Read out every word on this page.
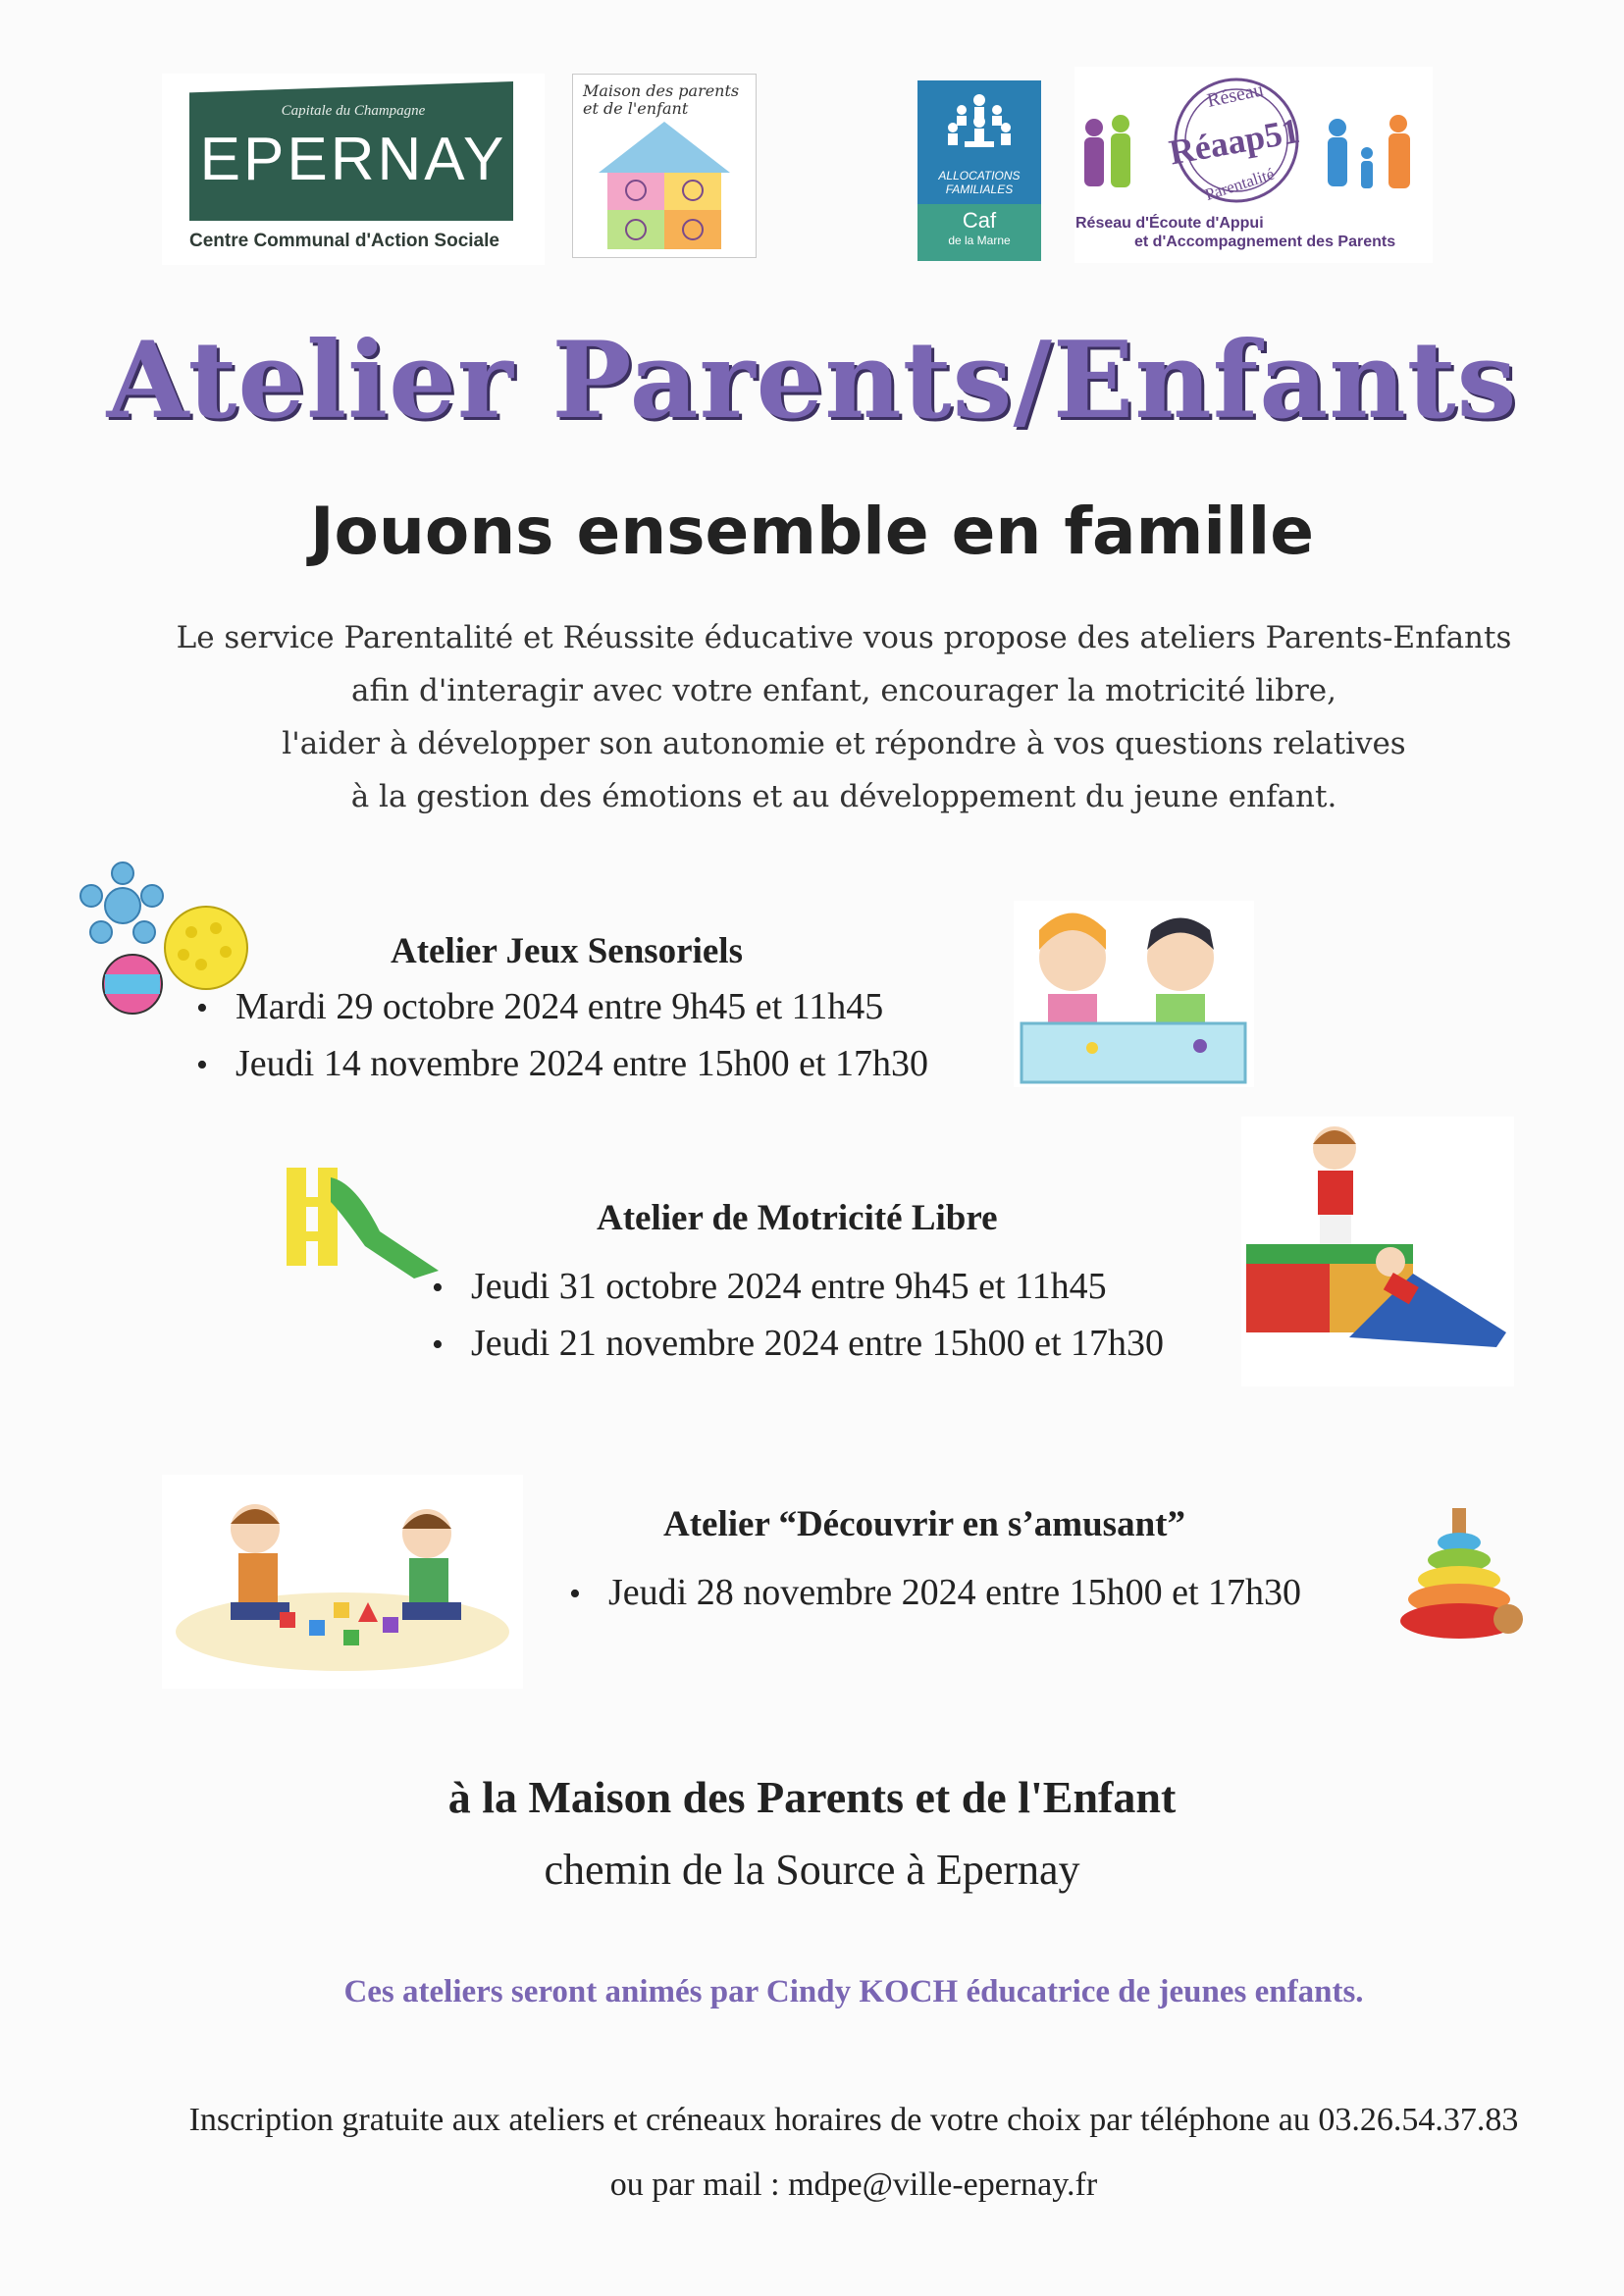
Capitale du Champagne
EPERNAY
Centre Communal d'Action Sociale
Maison des parents et de l'enfant
ALLOCATIONS
FAMILIALES
Caf
de la Marne
Réseau
Réaap51
Parentalité
Réseau d'Écoute d'Appui
et d'Accompagnement des Parents
Atelier Parents/Enfants
Jouons ensemble en famille
Le service Parentalité et Réussite éducative vous propose des ateliers Parents-Enfants
afin d'interagir avec votre enfant, encourager la motricité libre,
l'aider à développer son autonomie et répondre à vos questions relatives
à la gestion des émotions et au développement du jeune enfant.
Atelier Jeux Sensoriels
• Mardi 29 octobre 2024 entre 9h45 et 11h45
• Jeudi 14 novembre 2024 entre 15h00 et 17h30
Atelier de Motricité Libre
• Jeudi 31 octobre 2024 entre 9h45 et 11h45
• Jeudi 21 novembre 2024 entre 15h00 et 17h30
Atelier “Découvrir en s’amusant”
• Jeudi 28 novembre 2024 entre 15h00 et 17h30
à la Maison des Parents et de l'Enfant
chemin de la Source à Epernay
Ces ateliers seront animés par Cindy KOCH éducatrice de jeunes enfants.
Inscription gratuite aux ateliers et créneaux horaires de votre choix par téléphone au 03.26.54.37.83
ou par mail : mdpe@ville-epernay.fr
